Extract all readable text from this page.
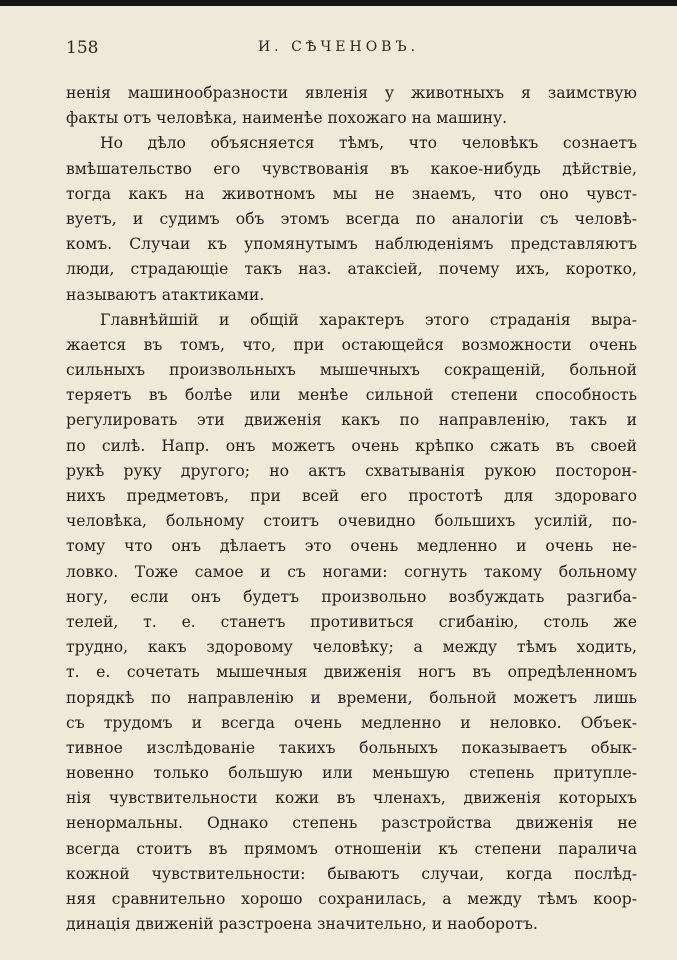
158	И. СѢЧЕНОВЪ.
ненія машинообразности явленія у животныхъ я заимствую
факты отъ человѣка, наименѣе похожаго на машину.
Но дѣло объясняется тѣмъ, что человѣкъ сознаетъ
вмѣшательство его чувствованія въ какое-нибудь дѣйствіе,
тогда какъ на животномъ мы не знаемъ, что оно чувст-
вуетъ, и судимъ объ этомъ всегда по аналогіи съ человѣ-
комъ. Случаи къ упомянутымъ наблюденіямъ представляютъ
люди, страдающіе такъ наз. атаксіей, почему ихъ, коротко,
называютъ атактиками.
Главнѣйшій и общій характеръ этого страданія выра-
жается въ томъ, что, при остающейся возможности очень
сильныхъ произвольныхъ мышечныхъ сокращеній, больной
теряетъ въ болѣе или менѣе сильной степени способность
регулировать эти движенія какъ по направленію, такъ и
по силѣ. Напр. онъ можетъ очень крѣпко сжать въ своей
рукѣ руку другого; но актъ схватыванія рукою посторон-
нихъ предметовъ, при всей его простотѣ для здороваго
человѣка, больному стоитъ очевидно большихъ усилій, по-
тому что онъ дѣлаетъ это очень медленно и очень не-
ловко. Тоже самое и съ ногами: согнуть такому больному
ногу, если онъ будетъ произвольно возбуждать разгиба-
телей, т. е. станетъ противиться сгибанію, столь же
трудно, какъ здоровому человѣку; а между тѣмъ ходить,
т. е. сочетать мышечныя движенія ногъ въ опредѣленномъ
порядкѣ по направленію и времени, больной можетъ лишь
съ трудомъ и всегда очень медленно и неловко. Объек-
тивное изслѣдованіе такихъ больныхъ показываетъ обык-
новенно только большую или меньшую степень притупле-
нія чувствительности кожи въ членахъ, движенія которыхъ
ненормальны. Однако степень разстройства движенія не
всегда стоитъ въ прямомъ отношеніи къ степени паралича
кожной чувствительности: бываютъ случаи, когда послѣд-
няя сравнительно хорошо сохранилась, а между тѣмъ коор-
динація движеній разстроена значительно, и наоборотъ.
